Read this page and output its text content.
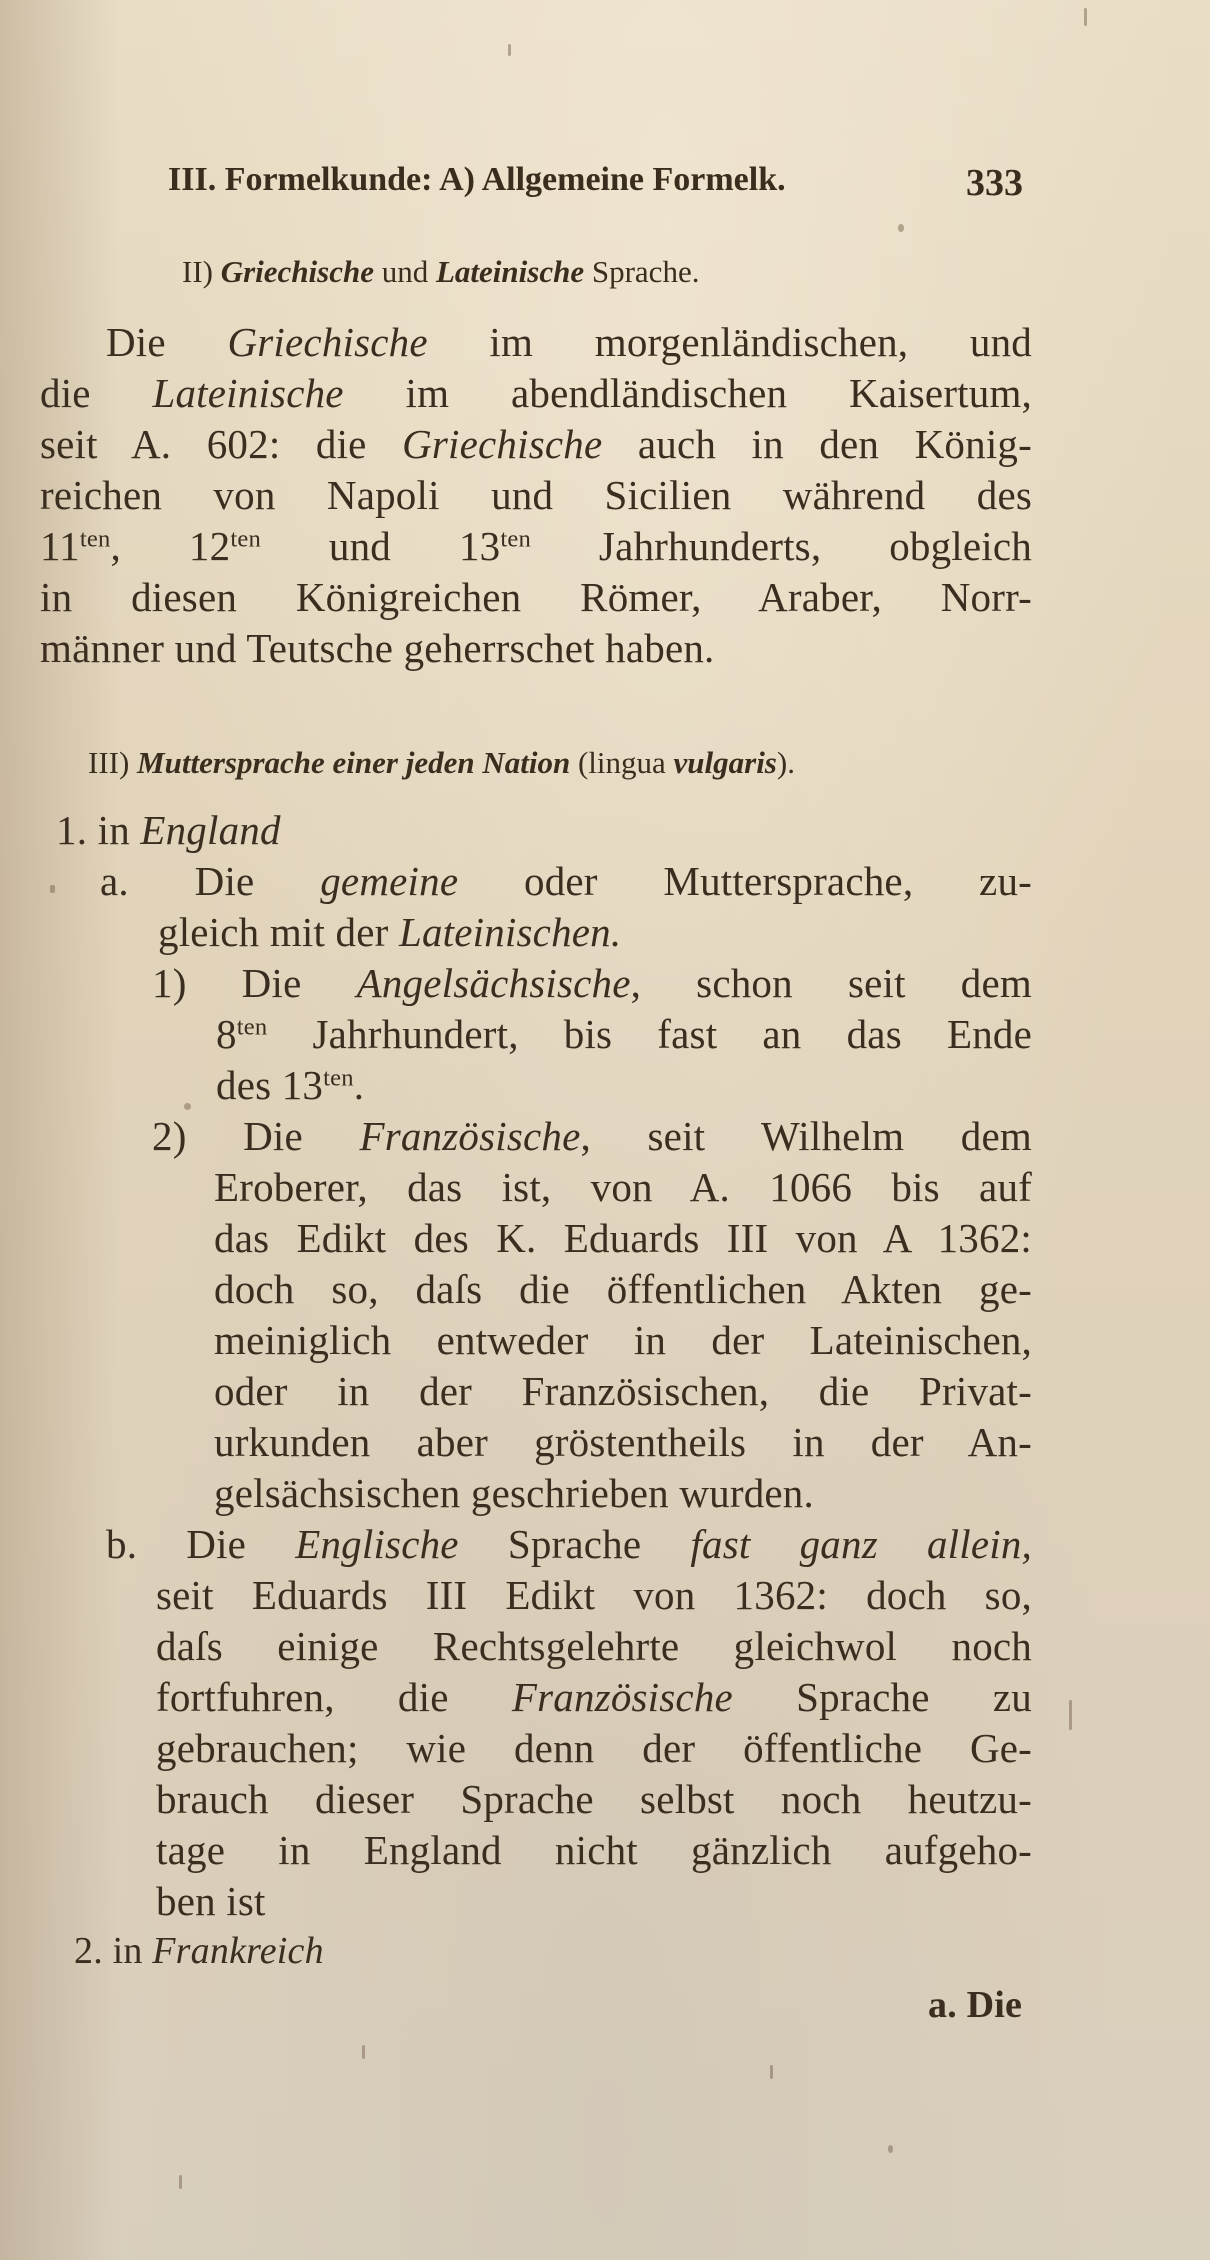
III. Formelkunde: A) Allgemeine Formelk.	333
II) Griechische und Lateinische Sprache.
Die Griechische im morgenländischen, und
die Lateinische im abendländischen Kaisertum,
seit A. 602: die Griechische auch in den König-
reichen von Napoli und Sicilien während des
$11^{ten}$, $12^{ten}$ und $13^{ten}$ Jahrhunderts, obgleich
in diesen Königreichen Römer, Araber, Norr-
männer und Teutsche geherrschet haben.
III) Muttersprache einer jeden Nation (lingua vulgaris).
1. in England
a. Die gemeine oder Muttersprache, zu-
gleich mit der Lateinischen.
1) Die Angelsächsische, schon seit dem
$8^{ten}$ Jahrhundert, bis fast an das Ende
des $13^{ten}$.
2) Die Französische, seit Wilhelm dem
Eroberer, das ist, von A. 1066 bis auf
das Edikt des K. Eduards III von A 1362:
doch so, daſs die öffentlichen Akten ge-
meiniglich entweder in der Lateinischen,
oder in der Französischen, die Privat-
urkunden aber gröstentheils in der An-
gelsächsischen geschrieben wurden.
b. Die Englische Sprache fast ganz allein,
seit Eduards III Edikt von 1362: doch so,
daſs einige Rechtsgelehrte gleichwol noch
fortfuhren, die Französische Sprache zu
gebrauchen; wie denn der öffentliche Ge-
brauch dieser Sprache selbst noch heutzu-
tage in England nicht gänzlich aufgeho-
ben ist
2. in Frankreich
a. Die
